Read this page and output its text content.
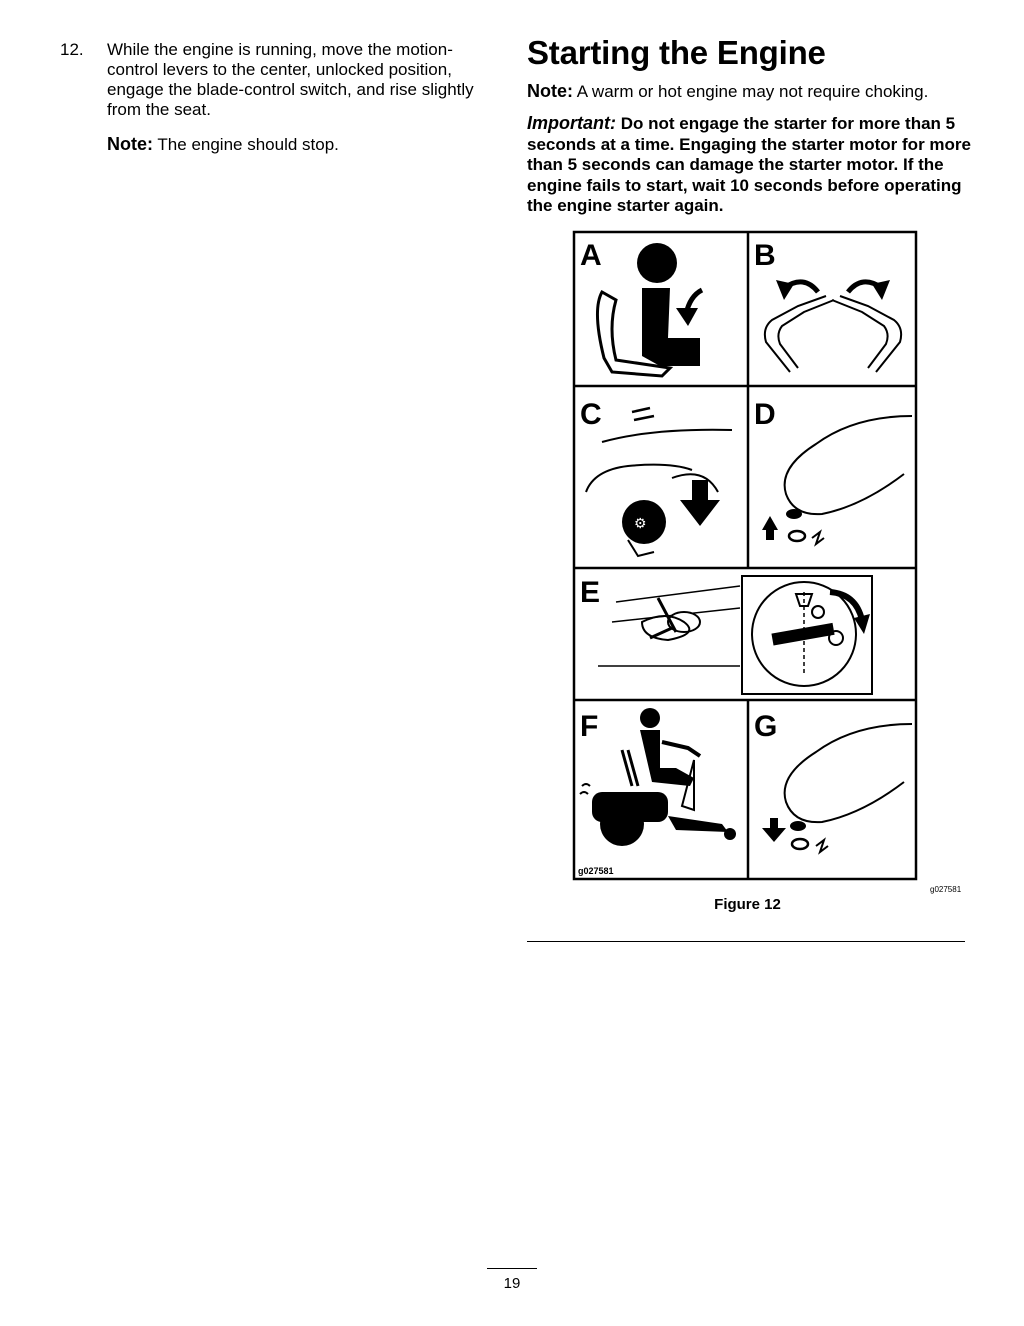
12.	While the engine is running, move the motion-control levers to the center, unlocked position, engage the blade-control switch, and rise slightly from the seat.
Note: The engine should stop.
Starting the Engine
Note: A warm or hot engine may not require choking.
Important: Do not engage the starter for more than 5 seconds at a time. Engaging the starter motor for more than 5 seconds can damage the starter motor. If the engine fails to start, wait 10 seconds before operating the engine starter again.
A	B
C
⚙
D
E
F	G
g027581
g027581
Figure 12
19
